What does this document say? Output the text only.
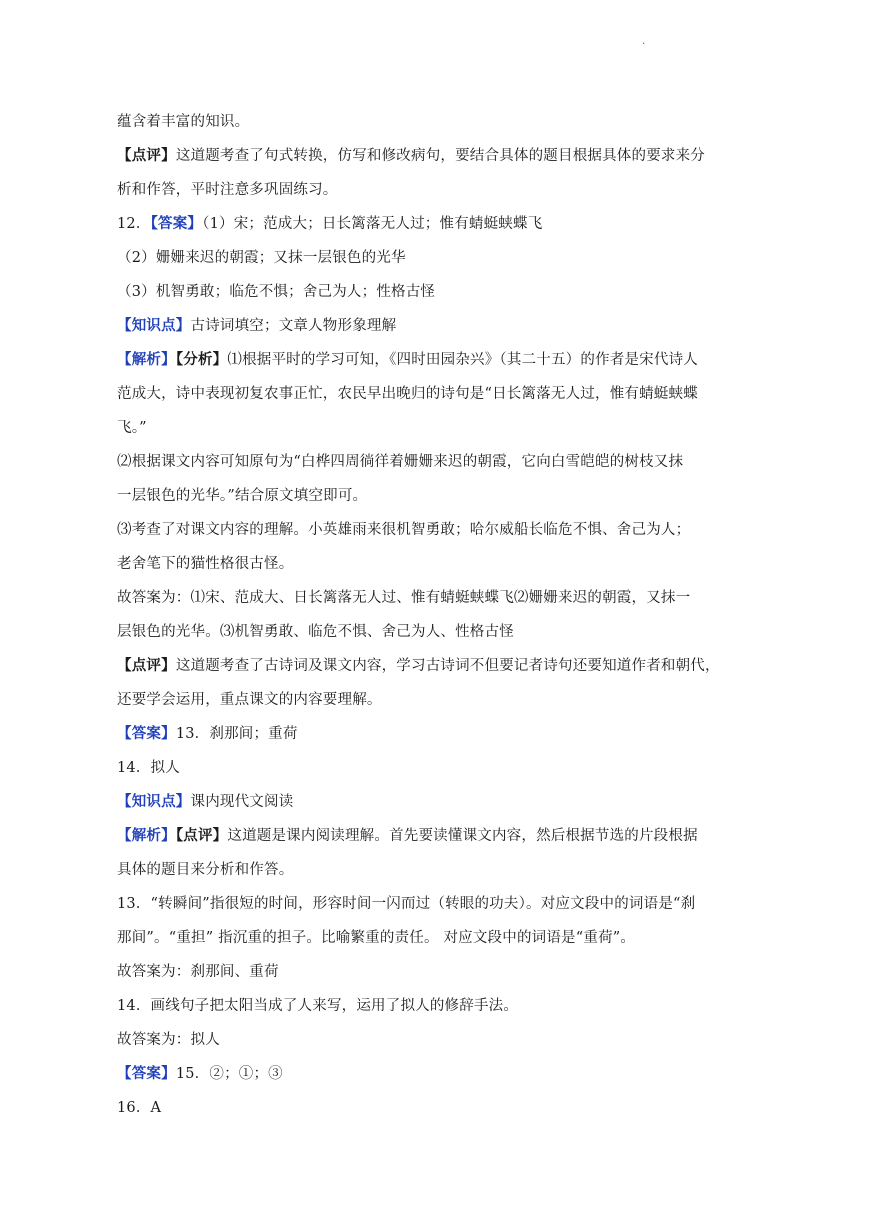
.
蕴含着丰富的知识。
【点评】这道题考查了句式转换，仿写和修改病句，要结合具体的题目根据具体的要求来分
析和作答，平时注意多巩固练习。
12．【答案】（1）宋；范成大；日长篱落无人过；惟有蜻蜓蛱蝶飞
（2）姗姗来迟的朝霞；又抹一层银色的光华
（3）机智勇敢；临危不惧；舍己为人；性格古怪
【知识点】古诗词填空；文章人物形象理解
【解析】【分析】⑴根据平时的学习可知，《四时田园杂兴》（其二十五）的作者是宋代诗人
范成大，诗中表现初复农事正忙，农民早出晚归的诗句是“日长篱落无人过，惟有蜻蜓蛱蝶
飞。”
⑵根据课文内容可知原句为“白桦四周徜徉着姗姗来迟的朝霞，它向白雪皑皑的树枝又抹
一层银色的光华。”结合原文填空即可。
⑶考查了对课文内容的理解。小英雄雨来很机智勇敢；哈尔威船长临危不惧、舍己为人；
老舍笔下的猫性格很古怪。
故答案为：⑴宋、范成大、日长篱落无人过、惟有蜻蜓蛱蝶飞⑵姗姗来迟的朝霞，又抹一
层银色的光华。⑶机智勇敢、临危不惧、舍己为人、性格古怪
【点评】这道题考查了古诗词及课文内容，学习古诗词不但要记者诗句还要知道作者和朝代，
还要学会运用，重点课文的内容要理解。
【答案】13．刹那间；重荷
14．拟人
【知识点】课内现代文阅读
【解析】【点评】这道题是课内阅读理解。首先要读懂课文内容，然后根据节选的片段根据
具体的题目来分析和作答。
13．“转瞬间”指很短的时间，形容时间一闪而过（转眼的功夫）。对应文段中的词语是“刹
那间”。“重担” 指沉重的担子。比喻繁重的责任。 对应文段中的词语是“重荷”。
故答案为：刹那间、重荷
14．画线句子把太阳当成了人来写，运用了拟人的修辞手法。
故答案为：拟人
【答案】15．②；①；③
16．A
